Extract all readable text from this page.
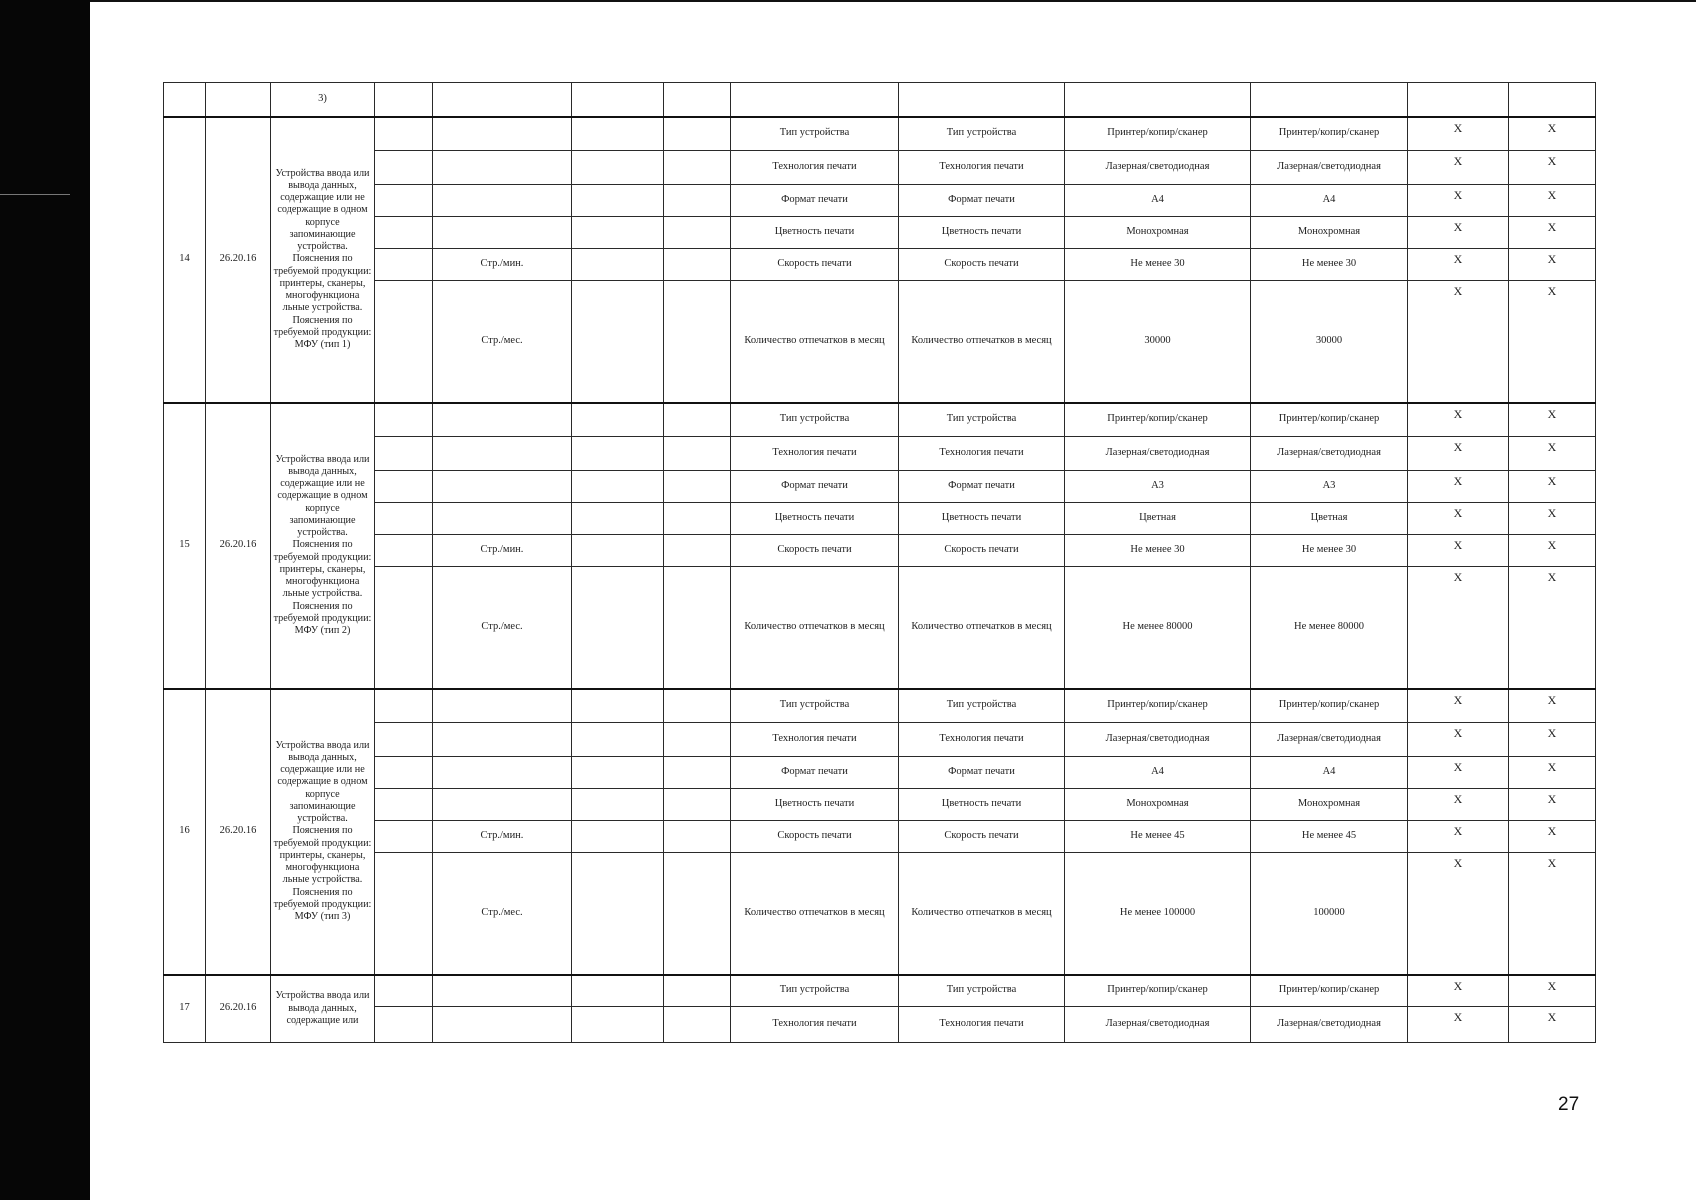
		3)										
14	26.20.16	Устройства ввода или вывода данных, содержащие или не содержащие в одном корпусе запоминающие устройства. Пояснения по требуемой продукции: принтеры, сканеры, многофункциона льные устройства. Пояснения по требуемой продукции: МФУ (тип 1)					Тип устройства	Тип устройства	Принтер/копир/сканер	Принтер/копир/сканер	X	X
							Технология печати	Технология печати	Лазерная/светодиодная	Лазерная/светодиодная	X	X
							Формат печати	Формат печати	А4	А4	X	X
							Цветность печати	Цветность печати	Монохромная	Монохромная	X	X
				Стр./мин.			Скорость печати	Скорость печати	Не менее 30	Не менее 30	X	X
				Стр./мес.			Количество отпечатков в месяц	Количество отпечатков в месяц	30000	30000	X	X
15	26.20.16	Устройства ввода или вывода данных, содержащие или не содержащие в одном корпусе запоминающие устройства. Пояснения по требуемой продукции: принтеры, сканеры, многофункциона льные устройства. Пояснения по требуемой продукции: МФУ (тип 2)					Тип устройства	Тип устройства	Принтер/копир/сканер	Принтер/копир/сканер	X	X
							Технология печати	Технология печати	Лазерная/светодиодная	Лазерная/светодиодная	X	X
							Формат печати	Формат печати	А3	А3	X	X
							Цветность печати	Цветность печати	Цветная	Цветная	X	X
				Стр./мин.			Скорость печати	Скорость печати	Не менее 30	Не менее 30	X	X
				Стр./мес.			Количество отпечатков в месяц	Количество отпечатков в месяц	Не менее 80000	Не менее 80000	X	X
16	26.20.16	Устройства ввода или вывода данных, содержащие или не содержащие в одном корпусе запоминающие устройства. Пояснения по требуемой продукции: принтеры, сканеры, многофункциона льные устройства. Пояснения по требуемой продукции: МФУ (тип 3)					Тип устройства	Тип устройства	Принтер/копир/сканер	Принтер/копир/сканер	X	X
							Технология печати	Технология печати	Лазерная/светодиодная	Лазерная/светодиодная	X	X
							Формат печати	Формат печати	А4	А4	X	X
							Цветность печати	Цветность печати	Монохромная	Монохромная	X	X
				Стр./мин.			Скорость печати	Скорость печати	Не менее 45	Не менее 45	X	X
				Стр./мес.			Количество отпечатков в месяц	Количество отпечатков в месяц	Не менее 100000	100000	X	X
17	26.20.16	Устройства ввода или вывода данных, содержащие или					Тип устройства	Тип устройства	Принтер/копир/сканер	Принтер/копир/сканер	X	X
							Технология печати	Технология печати	Лазерная/светодиодная	Лазерная/светодиодная	X	X
27
